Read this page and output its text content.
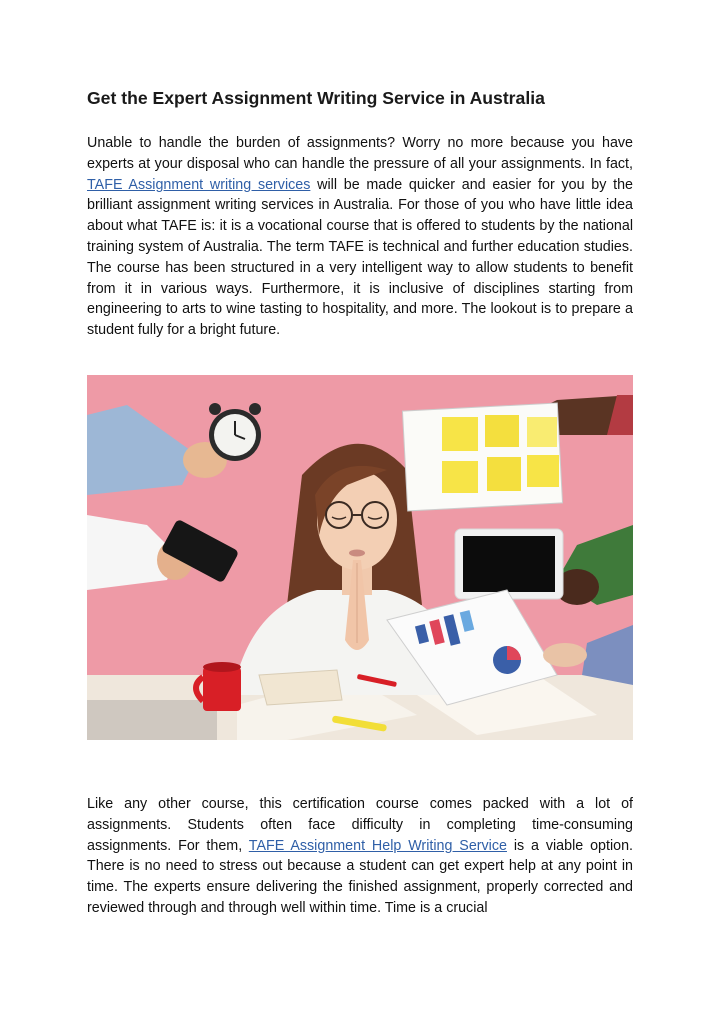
Get the Expert Assignment Writing Service in Australia

Unable to handle the burden of assignments? Worry no more because you have experts at your disposal who can handle the pressure of all your assignments. In fact, TAFE Assignment writing services will be made quicker and easier for you by the brilliant assignment writing services in Australia. For those of you who have little idea about what TAFE is: it is a vocational course that is offered to students by the national training system of Australia. The term TAFE is technical and further education studies. The course has been structured in a very intelligent way to allow students to benefit from it in various ways. Furthermore, it is inclusive of disciplines starting from engineering to arts to wine tasting to hospitality, and more. The lookout is to prepare a student fully for a bright future.

Like any other course, this certification course comes packed with a lot of assignments. Students often face difficulty in completing time-consuming assignments. For them, TAFE Assignment Help Writing Service is a viable option. There is no need to stress out because a student can get expert help at any point in time. The experts ensure delivering the finished assignment, properly corrected and reviewed through and through well within time. Time is a crucial
